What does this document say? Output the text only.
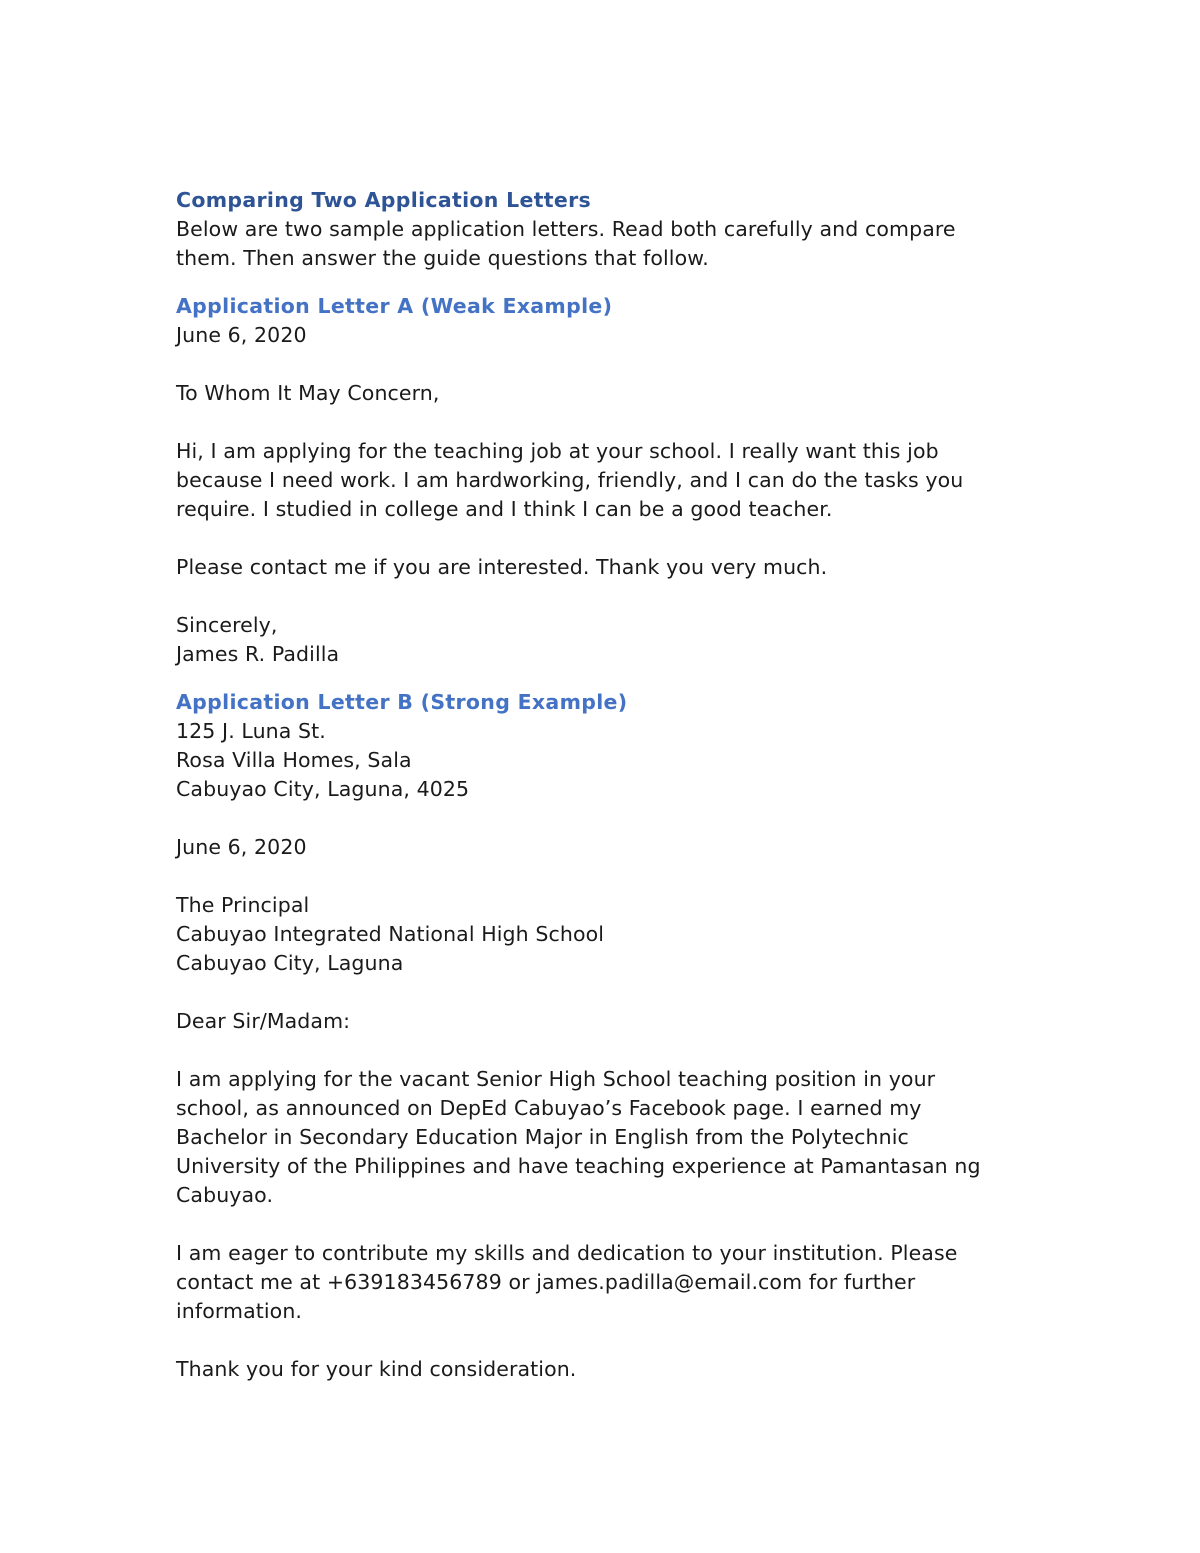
Comparing Two Application Letters
Below are two sample application letters. Read both carefully and compare
them. Then answer the guide questions that follow.
Application Letter A (Weak Example)
June 6, 2020
To Whom It May Concern,
Hi, I am applying for the teaching job at your school. I really want this job
because I need work. I am hardworking, friendly, and I can do the tasks you
require. I studied in college and I think I can be a good teacher.
Please contact me if you are interested. Thank you very much.
Sincerely,
James R. Padilla
Application Letter B (Strong Example)
125 J. Luna St.
Rosa Villa Homes, Sala
Cabuyao City, Laguna, 4025
June 6, 2020
The Principal
Cabuyao Integrated National High School
Cabuyao City, Laguna
Dear Sir/Madam:
I am applying for the vacant Senior High School teaching position in your
school, as announced on DepEd Cabuyao’s Facebook page. I earned my
Bachelor in Secondary Education Major in English from the Polytechnic
University of the Philippines and have teaching experience at Pamantasan ng
Cabuyao.
I am eager to contribute my skills and dedication to your institution. Please
contact me at +639183456789 or james.padilla@email.com for further
information.
Thank you for your kind consideration.
